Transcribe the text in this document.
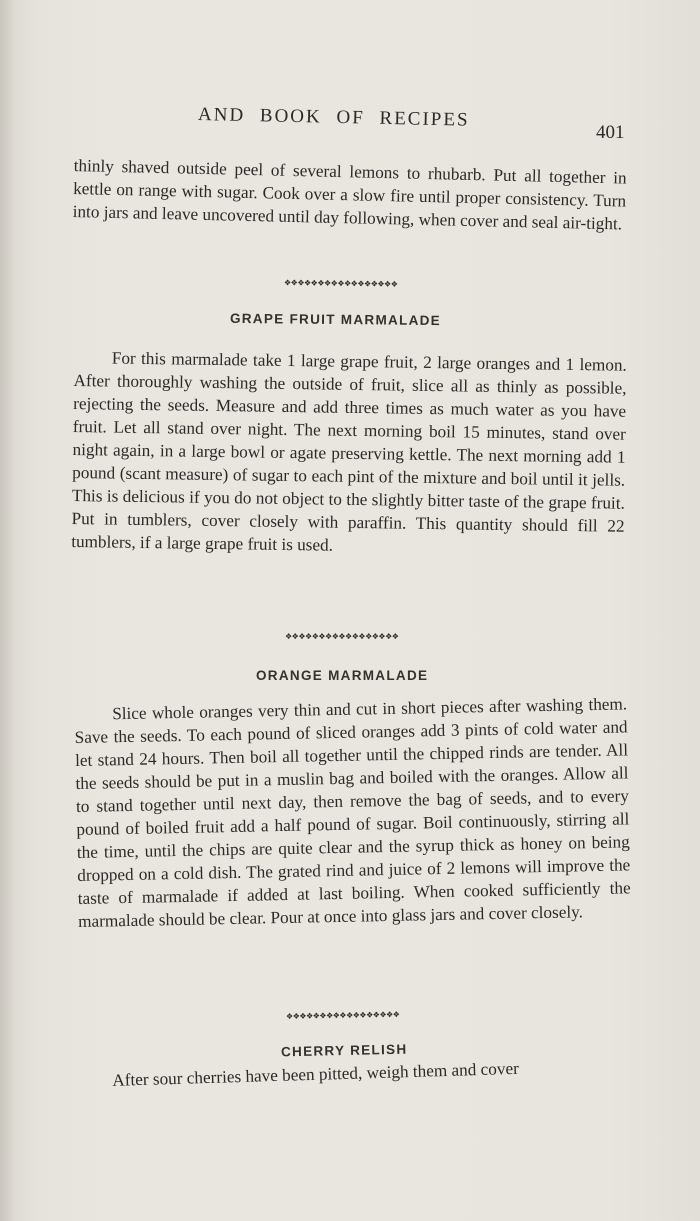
AND BOOK OF RECIPES
401

thinly shaved outside peel of several lemons to rhubarb. Put all together in kettle on range with sugar. Cook over a slow fire until proper consistency. Turn into jars and leave uncovered until day following, when cover and seal air-tight.

❖❖❖❖❖❖❖❖❖❖❖❖❖❖❖❖❖
GRAPE FRUIT MARMALADE

For this marmalade take 1 large grape fruit, 2 large oranges and 1 lemon. After thoroughly washing the outside of fruit, slice all as thinly as possible, rejecting the seeds. Measure and add three times as much water as you have fruit. Let all stand over night. The next morning boil 15 minutes, stand over night again, in a large bowl or agate preserving kettle. The next morning add 1 pound (scant measure) of sugar to each pint of the mixture and boil until it jells. This is delicious if you do not object to the slightly bitter taste of the grape fruit. Put in tumblers, cover closely with paraffin. This quantity should fill 22 tumblers, if a large grape fruit is used.

❖❖❖❖❖❖❖❖❖❖❖❖❖❖❖❖❖
ORANGE MARMALADE

Slice whole oranges very thin and cut in short pieces after washing them. Save the seeds. To each pound of sliced oranges add 3 pints of cold water and let stand 24 hours. Then boil all together until the chipped rinds are tender. All the seeds should be put in a muslin bag and boiled with the oranges. Allow all to stand together until next day, then remove the bag of seeds, and to every pound of boiled fruit add a half pound of sugar. Boil continuously, stirring all the time, until the chips are quite clear and the syrup thick as honey on being dropped on a cold dish. The grated rind and juice of 2 lemons will improve the taste of marmalade if added at last boiling. When cooked sufficiently the marmalade should be clear. Pour at once into glass jars and cover closely.

❖❖❖❖❖❖❖❖❖❖❖❖❖❖❖❖❖
CHERRY RELISH

After sour cherries have been pitted, weigh them and cover
